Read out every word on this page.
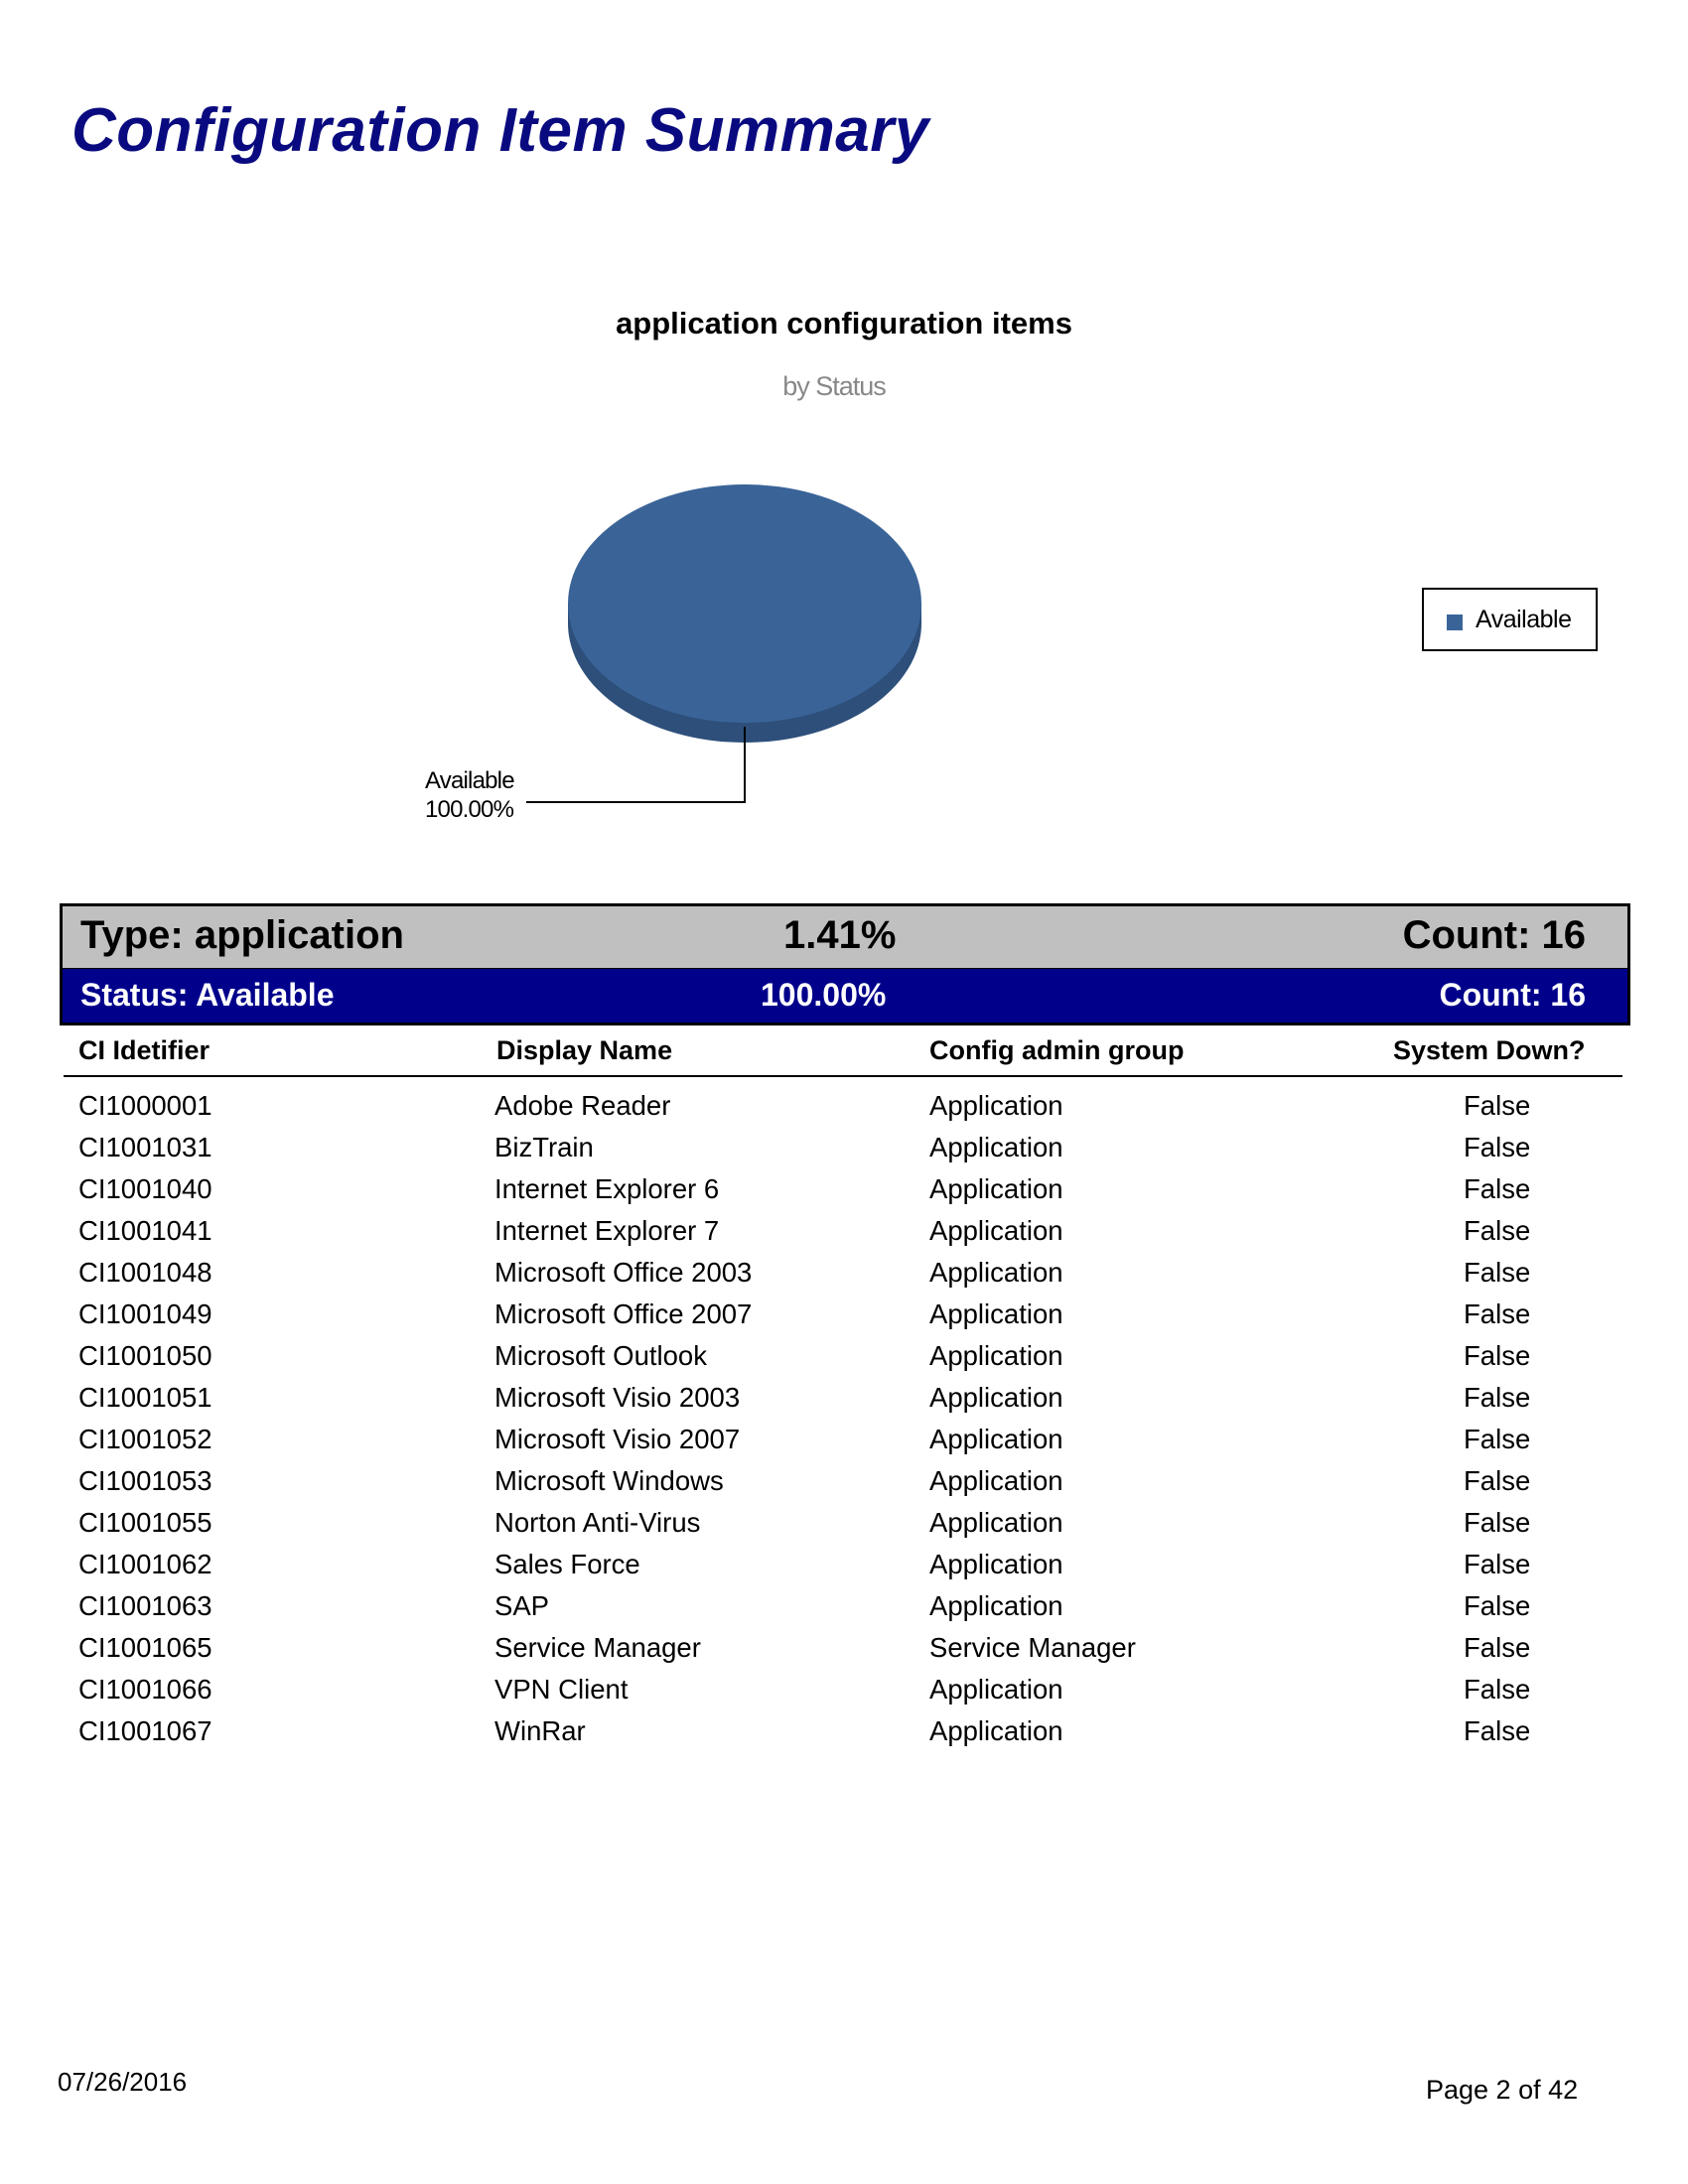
Configuration Item Summary
application configuration items
by Status
Available
100.00%
Available
Type: application	1.41%	Count: 16
Status: Available	100.00%	Count: 16
CI Idetifier	Display Name	Config admin group	System Down?
CI1000001	Adobe Reader	Application	False
CI1001031	BizTrain	Application	False
CI1001040	Internet Explorer 6	Application	False
CI1001041	Internet Explorer 7	Application	False
CI1001048	Microsoft Office 2003	Application	False
CI1001049	Microsoft Office 2007	Application	False
CI1001050	Microsoft Outlook	Application	False
CI1001051	Microsoft Visio 2003	Application	False
CI1001052	Microsoft Visio 2007	Application	False
CI1001053	Microsoft Windows	Application	False
CI1001055	Norton Anti-Virus	Application	False
CI1001062	Sales Force	Application	False
CI1001063	SAP	Application	False
CI1001065	Service Manager	Service Manager	False
CI1001066	VPN Client	Application	False
CI1001067	WinRar	Application	False
07/26/2016	Page 2 of 42
